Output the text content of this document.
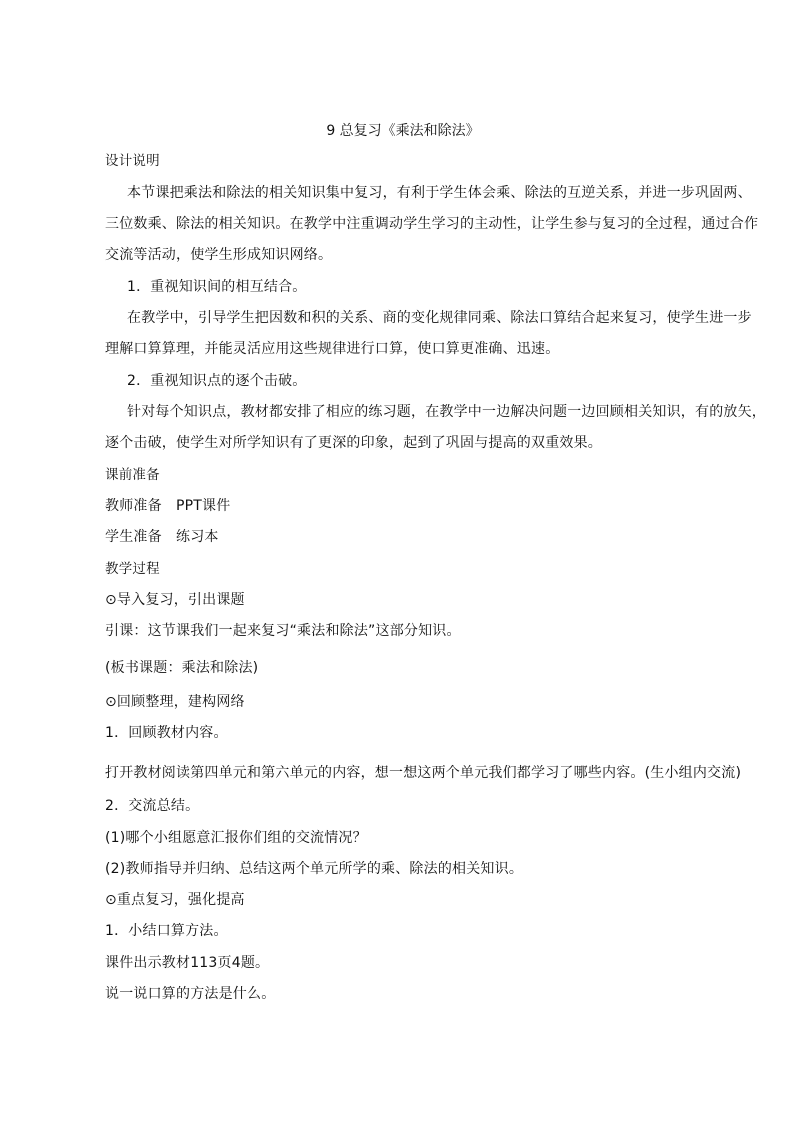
9 总复习《乘法和除法》
设计说明
本节课把乘法和除法的相关知识集中复习，有利于学生体会乘、除法的互逆关系，并进一步巩固两、
三位数乘、除法的相关知识。在教学中注重调动学生学习的主动性，让学生参与复习的全过程，通过合作
交流等活动，使学生形成知识网络。
1．重视知识间的相互结合。
在教学中，引导学生把因数和积的关系、商的变化规律同乘、除法口算结合起来复习，使学生进一步
理解口算算理，并能灵活应用这些规律进行口算，使口算更准确、迅速。
2．重视知识点的逐个击破。
针对每个知识点，教材都安排了相应的练习题，在教学中一边解决问题一边回顾相关知识，有的放矢，
逐个击破，使学生对所学知识有了更深的印象，起到了巩固与提高的双重效果。
课前准备
教师准备　PPT课件
学生准备　练习本
教学过程
⊙导入复习，引出课题
引课：这节课我们一起来复习“乘法和除法”这部分知识。
(板书课题：乘法和除法)
⊙回顾整理，建构网络
1．回顾教材内容。
打开教材阅读第四单元和第六单元的内容，想一想这两个单元我们都学习了哪些内容。(生小组内交流)
2．交流总结。
(1)哪个小组愿意汇报你们组的交流情况？
(2)教师指导并归纳、总结这两个单元所学的乘、除法的相关知识。
⊙重点复习，强化提高
1．小结口算方法。
课件出示教材113页4题。
说一说口算的方法是什么。
